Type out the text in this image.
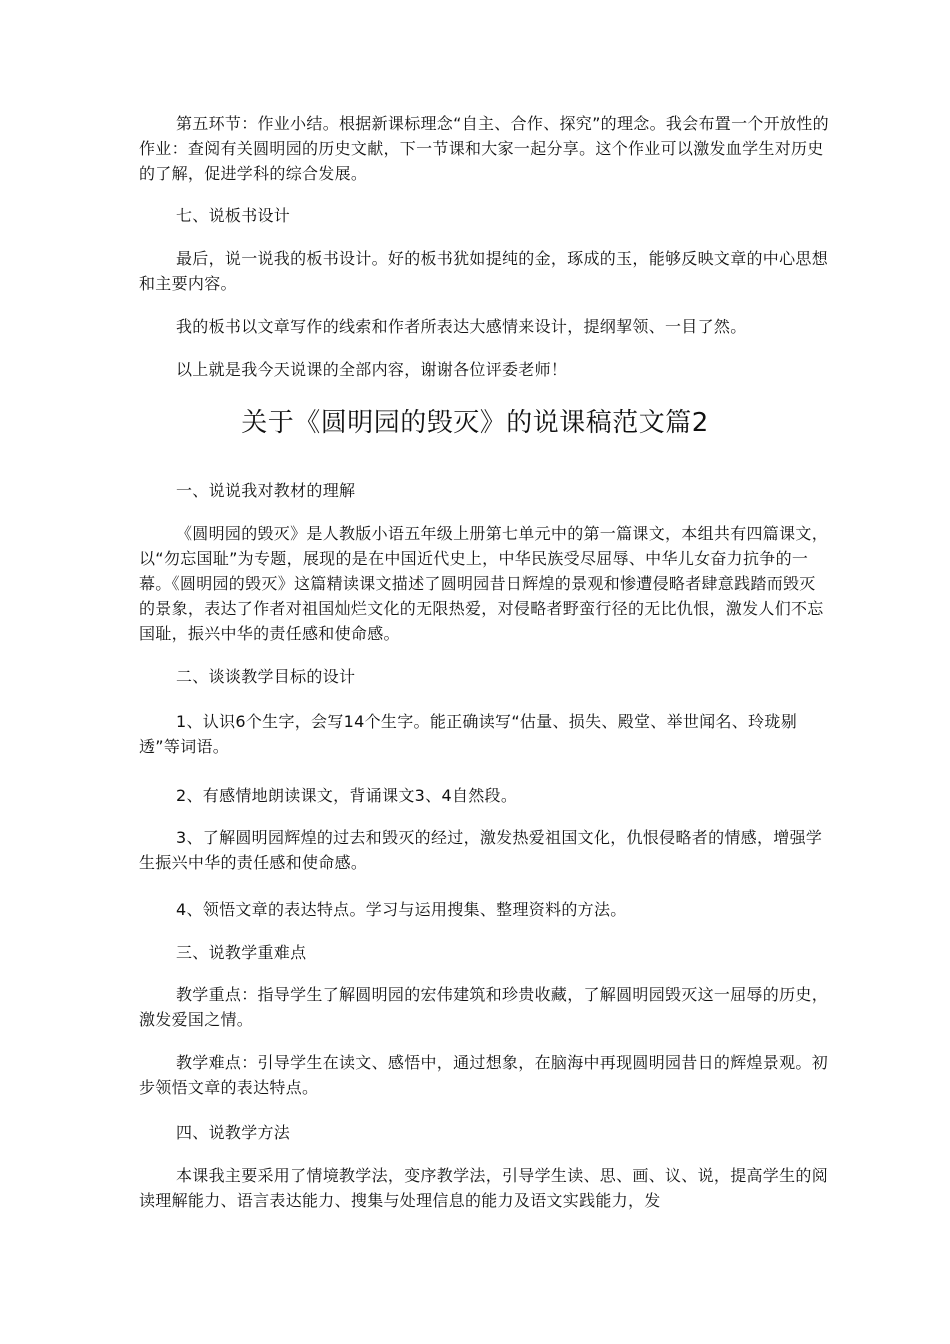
第五环节：作业小结。根据新课标理念“自主、合作、探究”的理念。我会布置一个开放性的作业：查阅有关圆明园的历史文献，下一节课和大家一起分享。这个作业可以激发血学生对历史的了解，促进学科的综合发展。

七、说板书设计

最后，说一说我的板书设计。好的板书犹如提纯的金，琢成的玉，能够反映文章的中心思想和主要内容。

我的板书以文章写作的线索和作者所表达大感情来设计，提纲挈领、一目了然。

以上就是我今天说课的全部内容，谢谢各位评委老师！

关于《圆明园的毁灭》的说课稿范文篇2

一、说说我对教材的理解

《圆明园的毁灭》是人教版小语五年级上册第七单元中的第一篇课文，本组共有四篇课文，以“勿忘国耻”为专题，展现的是在中国近代史上，中华民族受尽屈辱、中华儿女奋力抗争的一幕。《圆明园的毁灭》这篇精读课文描述了圆明园昔日辉煌的景观和惨遭侵略者肆意践踏而毁灭的景象，表达了作者对祖国灿烂文化的无限热爱，对侵略者野蛮行径的无比仇恨，激发人们不忘国耻，振兴中华的责任感和使命感。

二、谈谈教学目标的设计

1、认识6个生字，会写14个生字。能正确读写“估量、损失、殿堂、举世闻名、玲珑剔透”等词语。

2、有感情地朗读课文，背诵课文3、4自然段。

3、了解圆明园辉煌的过去和毁灭的经过，激发热爱祖国文化，仇恨侵略者的情感，增强学生振兴中华的责任感和使命感。

4、领悟文章的表达特点。学习与运用搜集、整理资料的方法。

三、说教学重难点

教学重点：指导学生了解圆明园的宏伟建筑和珍贵收藏，了解圆明园毁灭这一屈辱的历史，激发爱国之情。

教学难点：引导学生在读文、感悟中，通过想象，在脑海中再现圆明园昔日的辉煌景观。初步领悟文章的表达特点。

四、说教学方法

本课我主要采用了情境教学法，变序教学法，引导学生读、思、画、议、说，提高学生的阅读理解能力、语言表达能力、搜集与处理信息的能力及语文实践能力，发
